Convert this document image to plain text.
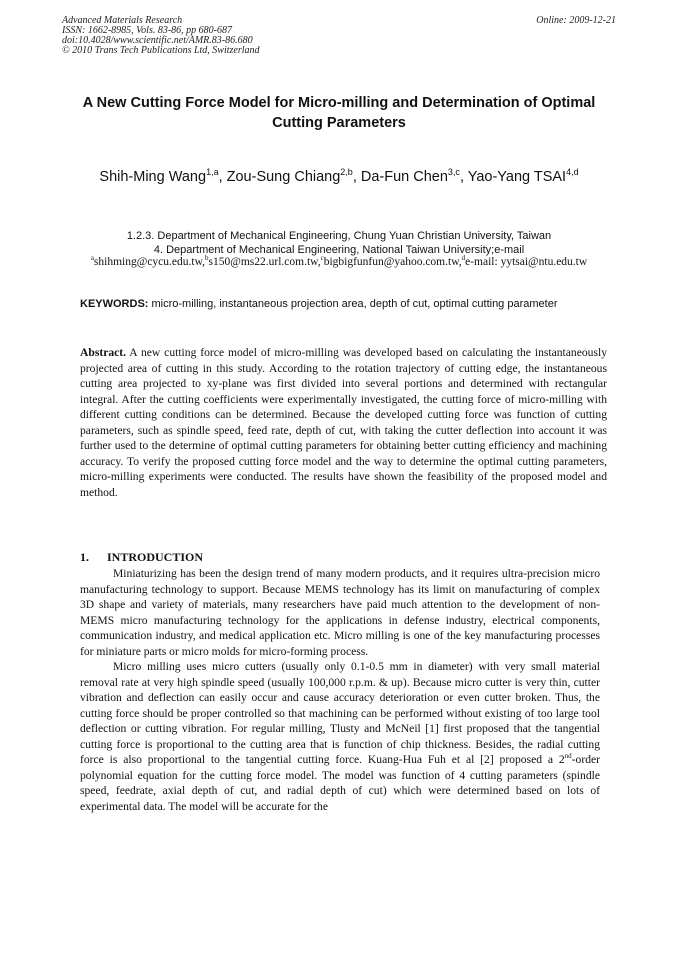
Advanced Materials Research
ISSN: 1662-8985, Vols. 83-86, pp 680-687
doi:10.4028/www.scientific.net/AMR.83-86.680
© 2010 Trans Tech Publications Ltd, Switzerland
Online: 2009-12-21
A New Cutting Force Model for Micro-milling and Determination of Optimal Cutting Parameters
Shih-Ming Wang$^{1,a}$, Zou-Sung Chiang$^{2,b}$, Da-Fun Chen$^{3,c}$, Yao-Yang TSAI$^{4,d}$
1.2.3. Department of Mechanical Engineering, Chung Yuan Christian University, Taiwan
4. Department of Mechanical Engineering, National Taiwan University;e-mail
$^a$shihming@cycu.edu.tw,$^b$s150@ms22.url.com.tw,$^c$bigbigfunfun@yahoo.com.tw,$^d$e-mail: yytsai@ntu.edu.tw
KEYWORDS: micro-milling, instantaneous projection area, depth of cut, optimal cutting parameter
Abstract. A new cutting force model of micro-milling was developed based on calculating the instantaneously projected area of cutting in this study. According to the rotation trajectory of cutting edge, the instantaneous cutting area projected to xy-plane was first divided into several portions and determined with rectangular integral. After the cutting coefficients were experimentally investigated, the cutting force of micro-milling with different cutting conditions can be determined. Because the developed cutting force was function of cutting parameters, such as spindle speed, feed rate, depth of cut, with taking the cutter deflection into account it was further used to the determine of optimal cutting parameters for obtaining better cutting efficiency and machining accuracy. To verify the proposed cutting force model and the way to determine the optimal cutting parameters, micro-milling experiments were conducted. The results have shown the feasibility of the proposed model and method.
1. INTRODUCTION

Miniaturizing has been the design trend of many modern products, and it requires ultra-precision micro manufacturing technology to support. Because MEMS technology has its limit on manufacturing of complex 3D shape and variety of materials, many researchers have paid much attention to the development of non-MEMS micro manufacturing technology for the applications in defense industry, electrical components, communication industry, and medical application etc. Micro milling is one of the key manufacturing processes for miniature parts or micro molds for micro-forming process.

Micro milling uses micro cutters (usually only 0.1-0.5 mm in diameter) with very small material removal rate at very high spindle speed (usually 100,000 r.p.m. & up). Because micro cutter is very thin, cutter vibration and deflection can easily occur and cause accuracy deterioration or even cutter broken. Thus, the cutting force should be proper controlled so that machining can be performed without existing of too large tool deflection or cutting vibration. For regular milling, Tlusty and McNeil [1] first proposed that the tangential cutting force is proportional to the cutting area that is function of chip thickness. Besides, the radial cutting force is also proportional to the tangential cutting force. Kuang-Hua Fuh et al [2] proposed a 2nd-order polynomial equation for the cutting force model. The model was function of 4 cutting parameters (spindle speed, feedrate, axial depth of cut, and radial depth of cut) which were determined based on lots of experimental data. The model will be accurate for the
